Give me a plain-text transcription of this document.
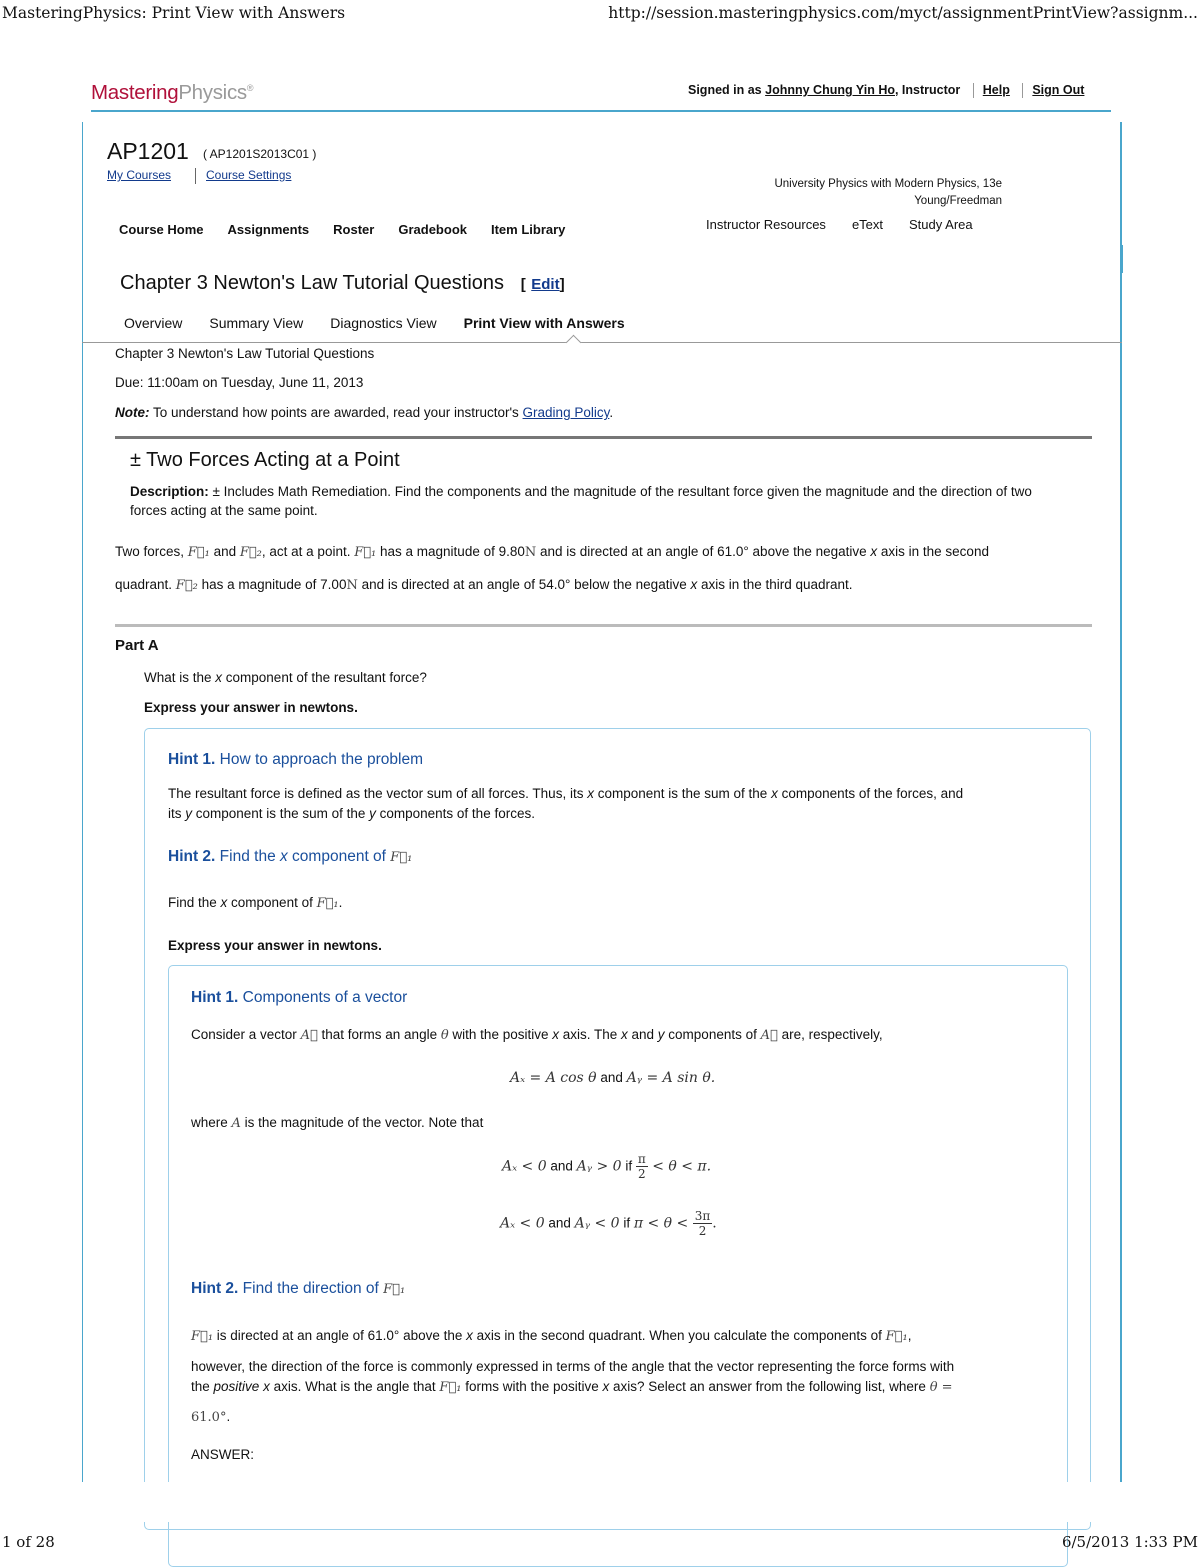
MasteringPhysics: Print View with Answers	http://session.masteringphysics.com/myct/assignmentPrintView?assignm...
MasteringPhysics®	Signed in as Johnny Chung Yin Ho, Instructor Help Sign Out
AP1201 ( AP1201S2013C01 )
My Courses	Course Settings
University Physics with Modern Physics, 13e
Young/Freedman
Course Home Assignments Roster Gradebook Item Library	Instructor Resources eText Study Area
Chapter 3 Newton's Law Tutorial Questions [ Edit]
Overview Summary View Diagnostics View Print View with Answers
Chapter 3 Newton's Law Tutorial Questions
Due: 11:00am on Tuesday, June 11, 2013
Note: To understand how points are awarded, read your instructor's Grading Policy.
± Two Forces Acting at a Point
Description: ± Includes Math Remediation. Find the components and the magnitude of the resultant force given the magnitude and the direction of two forces acting at the same point.
Two forces, F⃗₁ and F⃗₂, act at a point. F⃗₁ has a magnitude of 9.80N and is directed at an angle of 61.0° above the negative x axis in the second
quadrant. F⃗₂ has a magnitude of 7.00N and is directed at an angle of 54.0° below the negative x axis in the third quadrant.
Part A
What is the x component of the resultant force?
Express your answer in newtons.
Hint 1. How to approach the problem
The resultant force is defined as the vector sum of all forces. Thus, its x component is the sum of the x components of the forces, and
its y component is the sum of the y components of the forces.
Hint 2. Find the x component of F⃗₁
Find the x component of F⃗₁.
Express your answer in newtons.
Hint 1. Components of a vector
Consider a vector A⃗ that forms an angle θ with the positive x axis. The x and y components of A⃗ are, respectively,
Aₓ = A cos θ and Aᵧ = A sin θ.
where A is the magnitude of the vector. Note that
Aₓ < 0 and Aᵧ > 0 if $\frac{\pi}{2} < \theta < \pi$.
Aₓ < 0 and Aᵧ < 0 if $\pi < \theta < \frac{3\pi}{2}$ .
Hint 2. Find the direction of F⃗₁
F⃗₁ is directed at an angle of 61.0° above the x axis in the second quadrant. When you calculate the components of F⃗₁,
however, the direction of the force is commonly expressed in terms of the angle that the vector representing the force forms with
the positive x axis. What is the angle that F⃗₁ forms with the positive x axis? Select an answer from the following list, where θ =
61.0°.
ANSWER:
1 of 28	6/5/2013 1:33 PM
